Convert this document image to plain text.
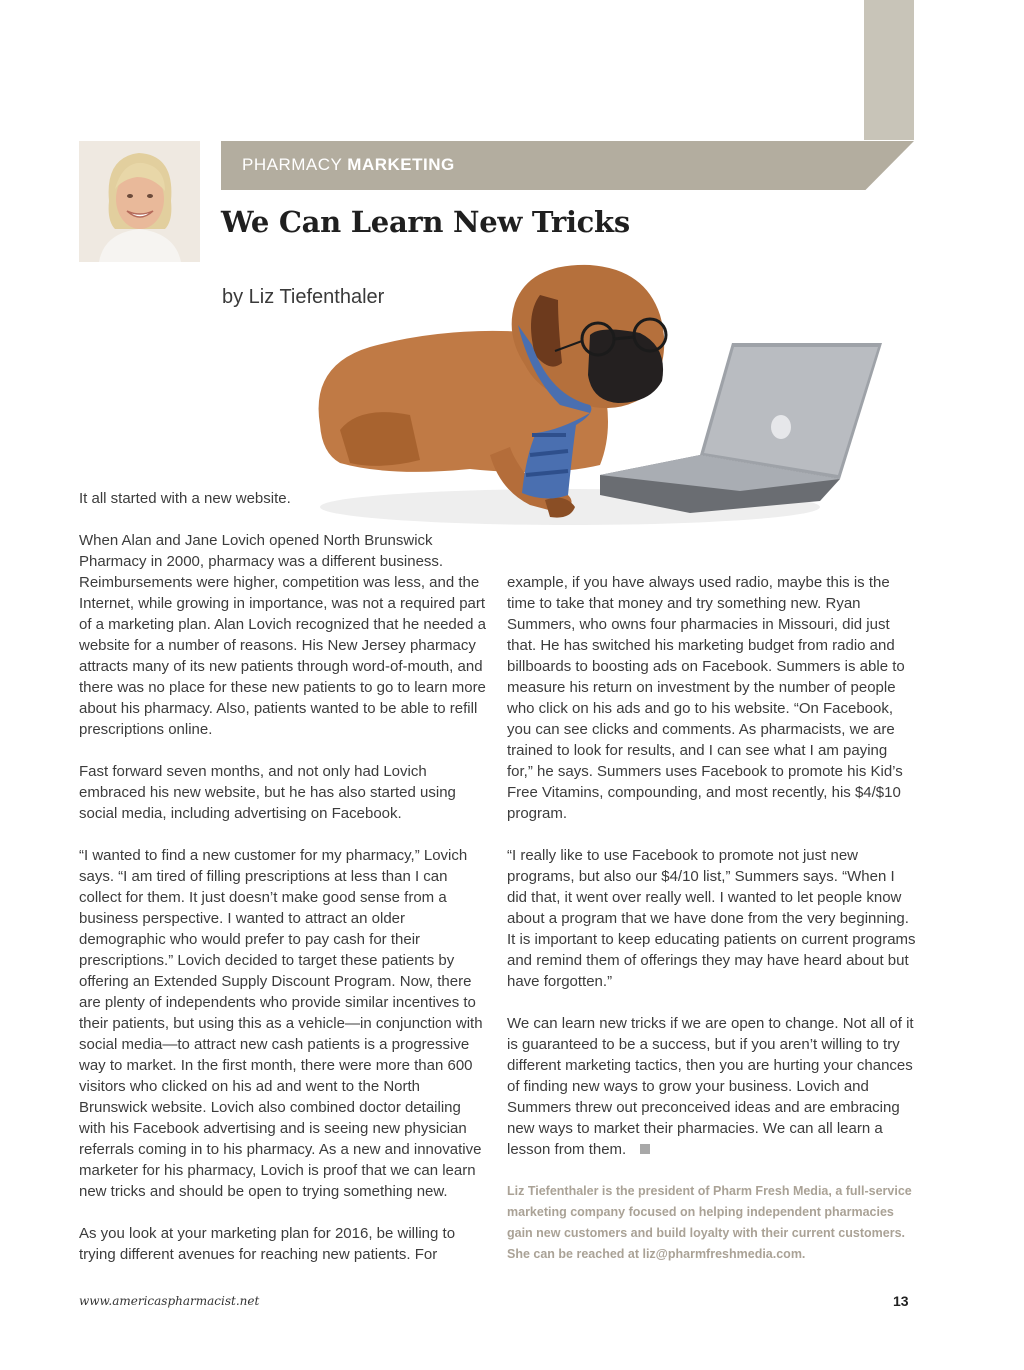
PHARMACY MARKETING
We Can Learn New Tricks
by Liz Tiefenthaler

It all started with a new website.

When Alan and Jane Lovich opened North Brunswick Pharmacy in 2000, pharmacy was a different business. Reimbursements were higher, competition was less, and the Internet, while growing in importance, was not a required part of a marketing plan. Alan Lovich recognized that he needed a website for a number of reasons. His New Jersey pharmacy attracts many of its new patients through word-of-mouth, and there was no place for these new patients to go to learn more about his pharmacy. Also, patients wanted to be able to refill prescriptions online.

Fast forward seven months, and not only had Lovich embraced his new website, but he has also started using social media, including advertising on Facebook.

“I wanted to find a new customer for my pharmacy,” Lovich says. “I am tired of filling prescriptions at less than I can collect for them. It just doesn’t make good sense from a business perspective. I wanted to attract an older demographic who would prefer to pay cash for their prescriptions.” Lovich decided to target these patients by offering an Extended Supply Discount Program. Now, there are plenty of independents who provide similar incentives to their patients, but using this as a vehicle—in conjunction with social media—to attract new cash patients is a progressive way to market. In the first month, there were more than 600 visitors who clicked on his ad and went to the North Brunswick website. Lovich also combined doctor detailing with his Facebook advertising and is seeing new physician referrals coming in to his pharmacy. As a new and innovative marketer for his pharmacy, Lovich is proof that we can learn new tricks and should be open to trying something new.

As you look at your marketing plan for 2016, be willing to trying different avenues for reaching new patients. For

example, if you have always used radio, maybe this is the time to take that money and try something new. Ryan Summers, who owns four pharmacies in Missouri, did just that. He has switched his marketing budget from radio and billboards to boosting ads on Facebook. Summers is able to measure his return on investment by the number of people who click on his ads and go to his website. “On Facebook, you can see clicks and comments. As pharmacists, we are trained to look for results, and I can see what I am paying for,” he says. Summers uses Facebook to promote his Kid’s Free Vitamins, compounding, and most recently, his $4/$10 program.

“I really like to use Facebook to promote not just new programs, but also our $4/10 list,” Summers says. “When I did that, it went over really well. I wanted to let people know about a program that we have done from the very beginning. It is important to keep educating patients on current programs and remind them of offerings they may have heard about but have forgotten.”

We can learn new tricks if we are open to change. Not all of it is guaranteed to be a success, but if you aren’t willing to try different marketing tactics, then you are hurting your chances of finding new ways to grow your business. Lovich and Summers threw out preconceived ideas and are embracing new ways to market their pharmacies. We can all learn a lesson from them.

Liz Tiefenthaler is the president of Pharm Fresh Media, a full-service marketing company focused on helping independent pharmacies gain new customers and build loyalty with their current customers. She can be reached at liz@pharmfreshmedia.com.

www.americaspharmacist.net	13
